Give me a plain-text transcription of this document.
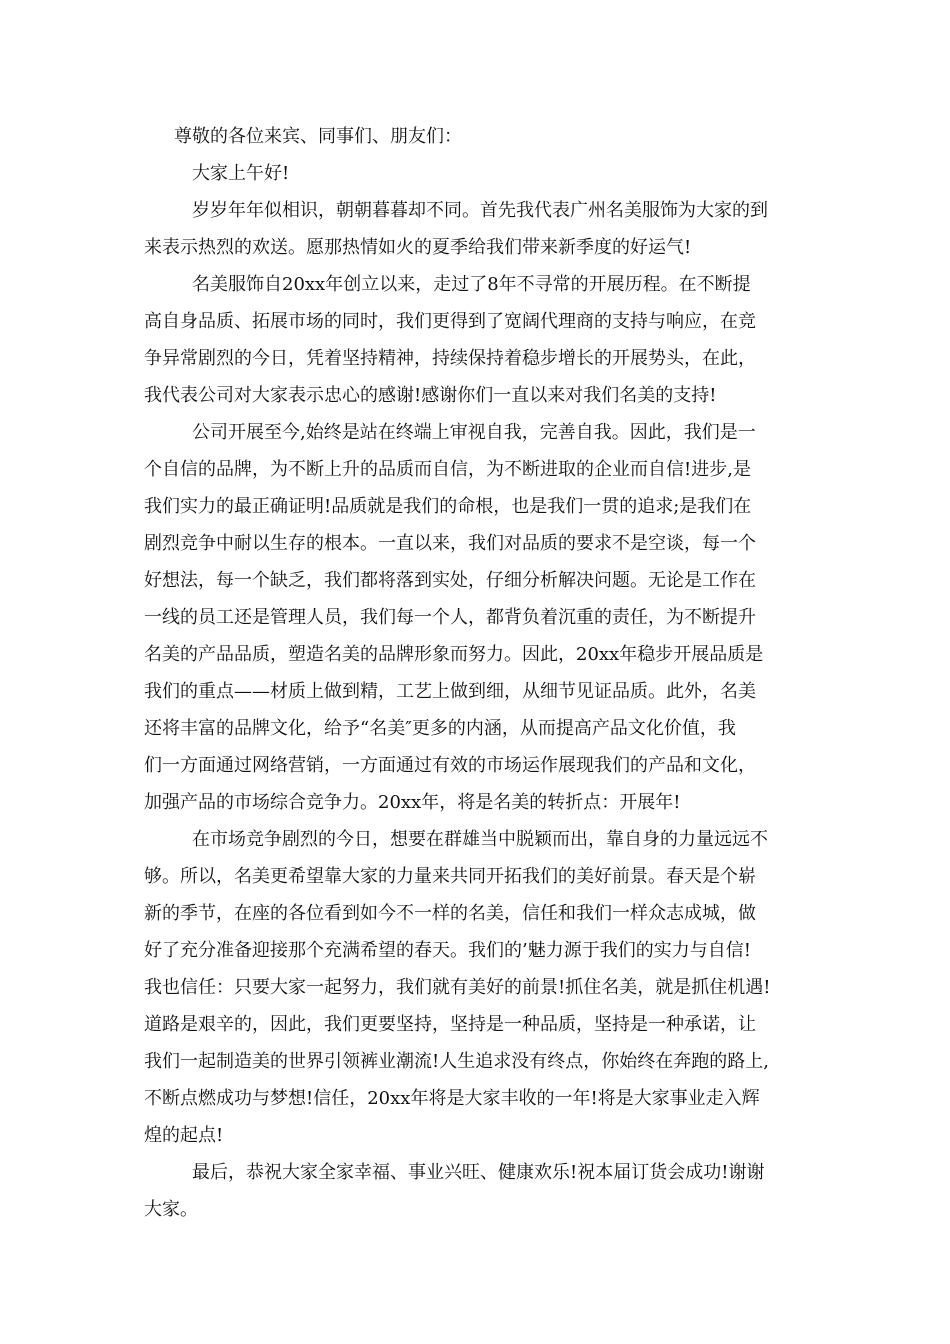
尊敬的各位来宾、同事们、朋友们：
大家上午好!
岁岁年年似相识，朝朝暮暮却不同。首先我代表广州名美服饰为大家的到
来表示热烈的欢送。愿那热情如火的夏季给我们带来新季度的好运气!
名美服饰自20xx年创立以来，走过了8年不寻常的开展历程。在不断提
高自身品质、拓展市场的同时，我们更得到了宽阔代理商的支持与响应，在竞
争异常剧烈的今日，凭着坚持精神，持续保持着稳步增长的开展势头，在此，
我代表公司对大家表示忠心的感谢!感谢你们一直以来对我们名美的支持!
公司开展至今,始终是站在终端上审视自我，完善自我。因此，我们是一
个自信的品牌，为不断上升的品质而自信，为不断进取的企业而自信!进步,是
我们实力的最正确证明!品质就是我们的命根，也是我们一贯的追求;是我们在
剧烈竞争中耐以生存的根本。一直以来，我们对品质的要求不是空谈，每一个
好想法，每一个缺乏，我们都将落到实处，仔细分析解决问题。无论是工作在
一线的员工还是管理人员，我们每一个人，都背负着沉重的责任，为不断提升
名美的产品品质，塑造名美的品牌形象而努力。因此，20xx年稳步开展品质是
我们的重点——材质上做到精，工艺上做到细，从细节见证品质。此外，名美
还将丰富的品牌文化，给予“名美″更多的内涵，从而提高产品文化价值，我
们一方面通过网络营销，一方面通过有效的市场运作展现我们的产品和文化，
加强产品的市场综合竞争力。20xx年，将是名美的转折点：开展年!
在市场竞争剧烈的今日，想要在群雄当中脱颖而出，靠自身的力量远远不
够。所以，名美更希望靠大家的力量来共同开拓我们的美好前景。春天是个崭
新的季节，在座的各位看到如今不一样的名美，信任和我们一样众志成城，做
好了充分准备迎接那个充满希望的春天。我们的’魅力源于我们的实力与自信!
我也信任：只要大家一起努力，我们就有美好的前景!抓住名美，就是抓住机遇!
道路是艰辛的，因此，我们更要坚持，坚持是一种品质，坚持是一种承诺，让
我们一起制造美的世界引领裤业潮流!人生追求没有终点，你始终在奔跑的路上,
不断点燃成功与梦想!信任，20xx年将是大家丰收的一年!将是大家事业走入辉
煌的起点!
最后，恭祝大家全家幸福、事业兴旺、健康欢乐!祝本届订货会成功!谢谢
大家。
